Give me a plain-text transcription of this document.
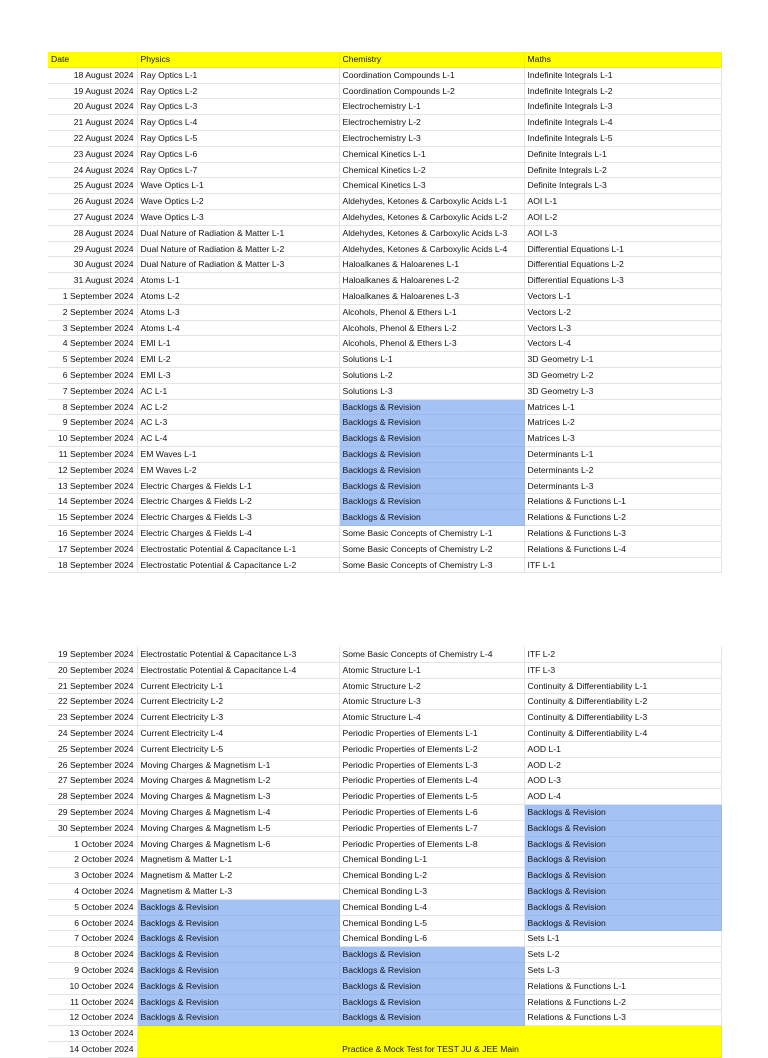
Date	Physics	Chemistry	Maths
18 August 2024	Ray Optics L-1	Coordination Compounds L-1	Indefinite Integrals L-1
19 August 2024	Ray Optics L-2	Coordination Compounds L-2	Indefinite Integrals L-2
20 August 2024	Ray Optics L-3	Electrochemistry L-1	Indefinite Integrals L-3
21 August 2024	Ray Optics L-4	Electrochemistry L-2	Indefinite Integrals L-4
22 August 2024	Ray Optics L-5	Electrochemistry L-3	Indefinite Integrals L-5
23 August 2024	Ray Optics L-6	Chemical Kinetics L-1	Definite Integrals L-1
24 August 2024	Ray Optics L-7	Chemical Kinetics L-2	Definite Integrals L-2
25 August 2024	Wave Optics L-1	Chemical Kinetics L-3	Definite Integrals L-3
26 August 2024	Wave Optics L-2	Aldehydes, Ketones & Carboxylic Acids L-1	AOI L-1
27 August 2024	Wave Optics L-3	Aldehydes, Ketones & Carboxylic Acids L-2	AOI L-2
28 August 2024	Dual Nature of Radiation & Matter L-1	Aldehydes, Ketones & Carboxylic Acids L-3	AOI L-3
29 August 2024	Dual Nature of Radiation & Matter L-2	Aldehydes, Ketones & Carboxylic Acids L-4	Differential Equations L-1
30 August 2024	Dual Nature of Radiation & Matter L-3	Haloalkanes & Haloarenes L-1	Differential Equations L-2
31 August 2024	Atoms L-1	Haloalkanes & Haloarenes L-2	Differential Equations L-3
1 September 2024	Atoms L-2	Haloalkanes & Haloarenes L-3	Vectors L-1
2 September 2024	Atoms L-3	Alcohols, Phenol & Ethers L-1	Vectors L-2
3 September 2024	Atoms L-4	Alcohols, Phenol & Ethers L-2	Vectors L-3
4 September 2024	EMI L-1	Alcohols, Phenol & Ethers L-3	Vectors L-4
5 September 2024	EMI L-2	Solutions L-1	3D Geometry L-1
6 September 2024	EMI L-3	Solutions L-2	3D Geometry L-2
7 September 2024	AC L-1	Solutions L-3	3D Geometry L-3
8 September 2024	AC L-2	Backlogs & Revision	Matrices L-1
9 September 2024	AC L-3	Backlogs & Revision	Matrices L-2
10 September 2024	AC L-4	Backlogs & Revision	Matrices L-3
11 September 2024	EM Waves L-1	Backlogs & Revision	Determinants L-1
12 September 2024	EM Waves L-2	Backlogs & Revision	Determinants L-2
13 September 2024	Electric Charges & Fields L-1	Backlogs & Revision	Determinants L-3
14 September 2024	Electric Charges & Fields L-2	Backlogs & Revision	Relations & Functions L-1
15 September 2024	Electric Charges & Fields L-3	Backlogs & Revision	Relations & Functions L-2
16 September 2024	Electric Charges & Fields L-4	Some Basic Concepts of Chemistry L-1	Relations & Functions L-3
17 September 2024	Electrostatic Potential & Capacitance L-1	Some Basic Concepts of Chemistry L-2	Relations & Functions L-4
18 September 2024	Electrostatic Potential & Capacitance L-2	Some Basic Concepts of Chemistry L-3	ITF L-1
19 September 2024	Electrostatic Potential & Capacitance L-3	Some Basic Concepts of Chemistry L-4	ITF L-2
20 September 2024	Electrostatic Potential & Capacitance L-4	Atomic Structure L-1	ITF L-3
21 September 2024	Current Electricity L-1	Atomic Structure L-2	Continuity & Differentiability L-1
22 September 2024	Current Electricity L-2	Atomic Structure L-3	Continuity & Differentiability L-2
23 September 2024	Current Electricity L-3	Atomic Structure L-4	Continuity & Differentiability L-3
24 September 2024	Current Electricity L-4	Periodic Properties of Elements L-1	Continuity & Differentiability L-4
25 September 2024	Current Electricity L-5	Periodic Properties of Elements L-2	AOD L-1
26 September 2024	Moving Charges & Magnetism L-1	Periodic Properties of Elements L-3	AOD L-2
27 September 2024	Moving Charges & Magnetism L-2	Periodic Properties of Elements L-4	AOD L-3
28 September 2024	Moving Charges & Magnetism L-3	Periodic Properties of Elements L-5	AOD L-4
29 September 2024	Moving Charges & Magnetism L-4	Periodic Properties of Elements L-6	Backlogs & Revision
30 September 2024	Moving Charges & Magnetism L-5	Periodic Properties of Elements L-7	Backlogs & Revision
1 October 2024	Moving Charges & Magnetism L-6	Periodic Properties of Elements L-8	Backlogs & Revision
2 October 2024	Magnetism & Matter L-1	Chemical Bonding L-1	Backlogs & Revision
3 October 2024	Magnetism & Matter L-2	Chemical Bonding L-2	Backlogs & Revision
4 October 2024	Magnetism & Matter L-3	Chemical Bonding L-3	Backlogs & Revision
5 October 2024	Backlogs & Revision	Chemical Bonding L-4	Backlogs & Revision
6 October 2024	Backlogs & Revision	Chemical Bonding L-5	Backlogs & Revision
7 October 2024	Backlogs & Revision	Chemical Bonding L-6	Sets L-1
8 October 2024	Backlogs & Revision	Backlogs & Revision	Sets L-2
9 October 2024	Backlogs & Revision	Backlogs & Revision	Sets L-3
10 October 2024	Backlogs & Revision	Backlogs & Revision	Relations & Functions L-1
11 October 2024	Backlogs & Revision	Backlogs & Revision	Relations & Functions L-2
12 October 2024	Backlogs & Revision	Backlogs & Revision	Relations & Functions L-3
13 October 2024	Practice & Mock Test for TEST JU & JEE Main		
14 October 2024			
